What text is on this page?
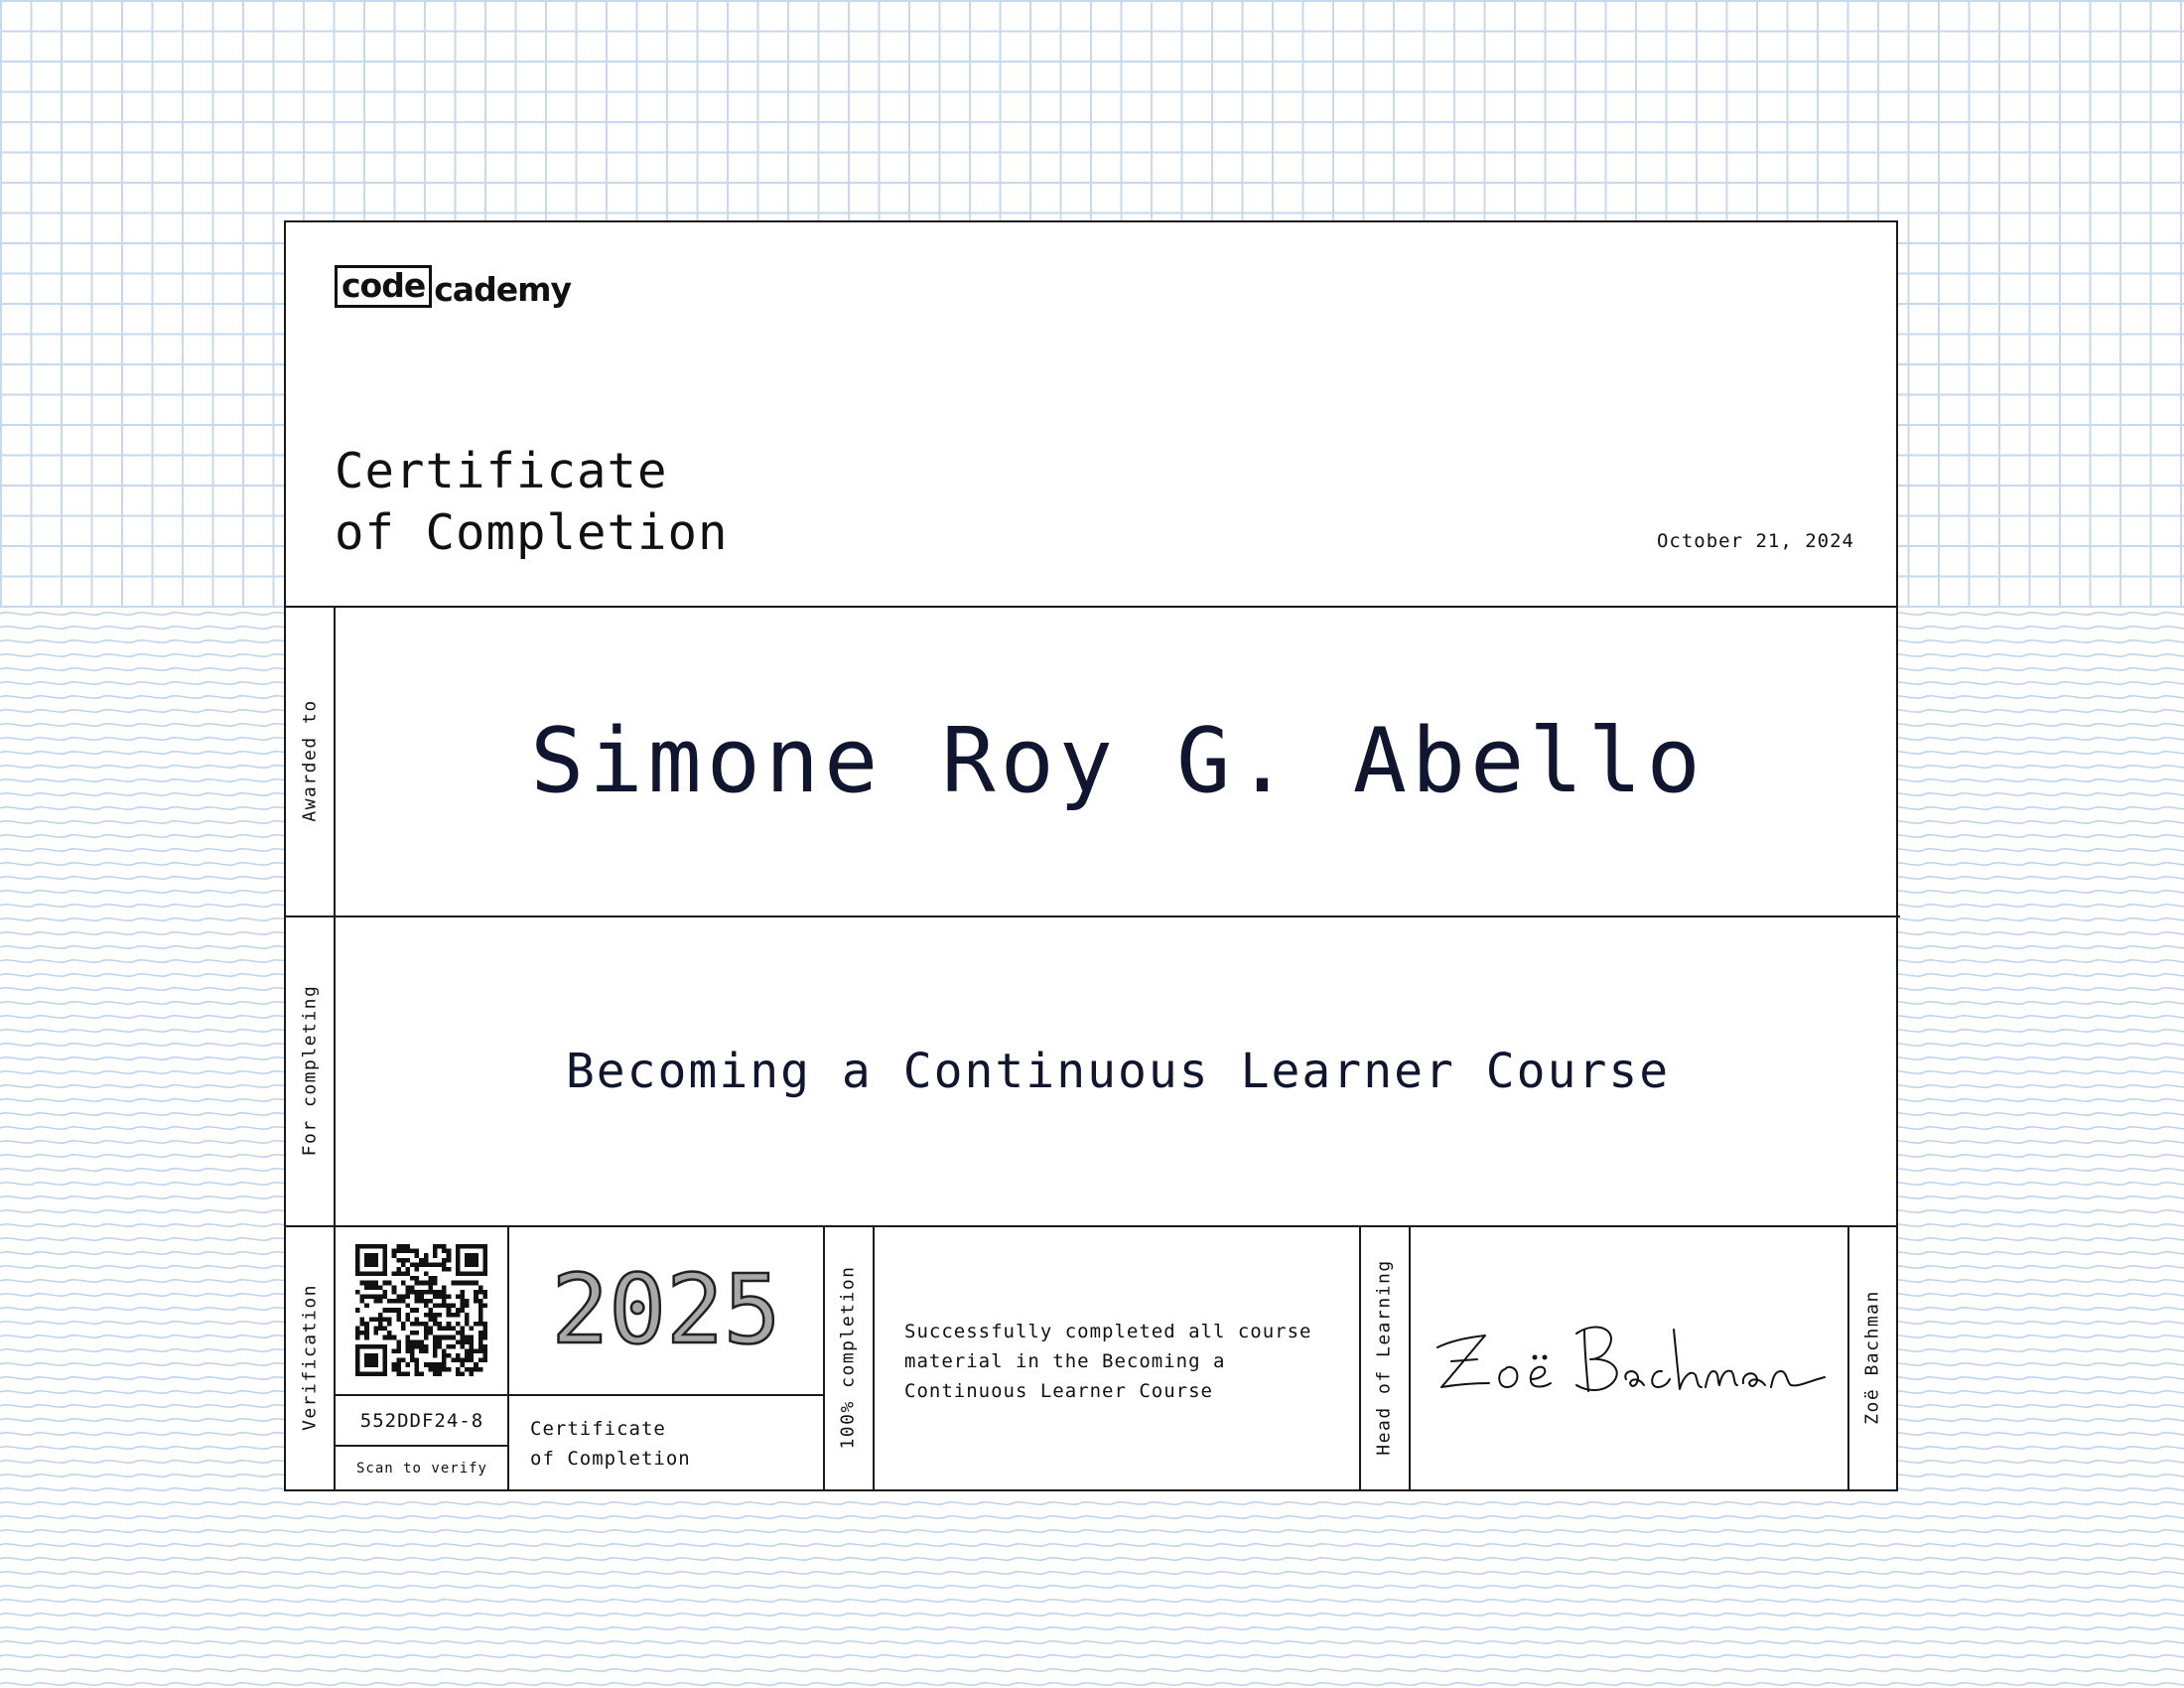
code cademy
Certificate
of Completion	October 21, 2024
Awarded to
For completing
Verification	100% completion	Head of Learning	Zoë Bachman
Simone Roy G. Abello
Becoming a Continuous Learner Course
552DDF24-8
Scan to verify
2025
Certificate
of Completion
Successfully completed all course material in the Becoming a Continuous Learner Course
